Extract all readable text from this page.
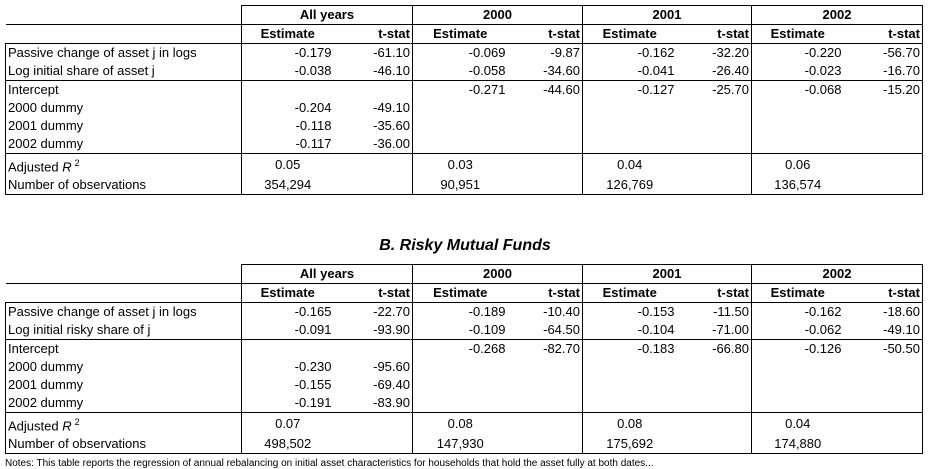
	All years		2000		2001		2002	
	Estimate	t-stat	Estimate	t-stat	Estimate	t-stat	Estimate	t-stat
Passive change of asset j in logs	-0.179	-61.10	-0.069	-9.87	-0.162	-32.20	-0.220	-56.70
Log initial share of asset j	-0.038	-46.10	-0.058	-34.60	-0.041	-26.40	-0.023	-16.70
Intercept			-0.271	-44.60	-0.127	-25.70	-0.068	-15.20
2000 dummy	-0.204	-49.10						
2001 dummy	-0.118	-35.60						
2002 dummy	-0.117	-36.00						
Adjusted R $^2$	0.05		0.03		0.04		0.06	
Number of observations	354,294		90,951		126,769		136,574	
B. Risky Mutual Funds
	All years		2000		2001		2002	
	Estimate	t-stat	Estimate	t-stat	Estimate	t-stat	Estimate	t-stat
Passive change of asset j in logs	-0.165	-22.70	-0.189	-10.40	-0.153	-11.50	-0.162	-18.60
Log initial risky share of j	-0.091	-93.90	-0.109	-64.50	-0.104	-71.00	-0.062	-49.10
Intercept			-0.268	-82.70	-0.183	-66.80	-0.126	-50.50
2000 dummy	-0.230	-95.60						
2001 dummy	-0.155	-69.40						
2002 dummy	-0.191	-83.90						
Adjusted R $^2$	0.07		0.08		0.08		0.04	
Number of observations	498,502		147,930		175,692		174,880	
Notes: This table reports the regression of annual rebalancing on initial asset characteristics for households that hold the asset fully at both dates...
